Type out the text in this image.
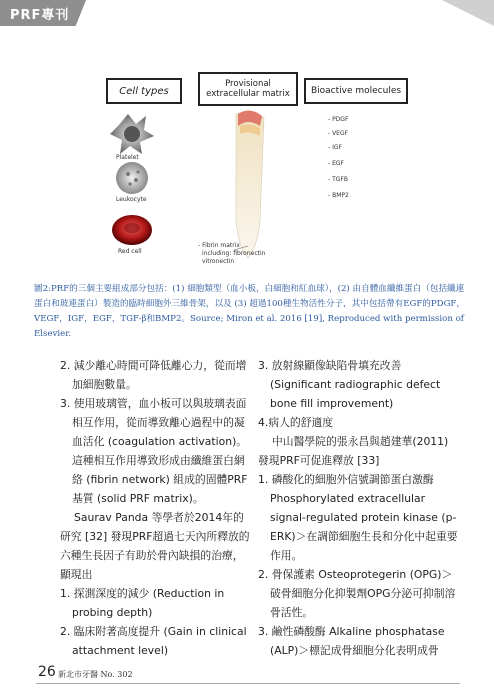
PRF專刊
Cell types
Provisional extracellular matrix	Bioactive molecules
Platelet
Leukocyte
Red cell
- PDGF
- VEGF
- IGF
- EGF
- TGFB
- BMP2
- Fibrin matrix
including: fibronectin
vitronectin
圖2:PRF的三個主要組成部分包括：(1) 細胞類型（血小板，白細胞和紅血球），(2) 由自體血纖維蛋白（包括纖連蛋白和玻連蛋白）製造的臨時細胞外三維骨架，以及 (3) 超過100種生物活性分子，其中包括帶有EGF的PDGF，VEGF，IGF，EGF，TGF-β和BMP2。Source; Miron et al. 2016 [19], Reproduced with permission of Elsevier.

2. 減少離心時間可降低離心力，從而增加細胞數量。

3. 使用玻璃管，血小板可以與玻璃表面相互作用，從而導致離心過程中的凝血活化 (coagulation activation)。這種相互作用導致形成由纖維蛋白網絡 (fibrin network) 組成的固體PRF基質 (solid PRF matrix)。

Saurav Panda 等學者於2014年的研究 [32] 發現PRF超過七天內所釋放的六種生長因子有助於骨內缺損的治療，顯現出

1. 探測深度的減少 (Reduction in probing depth)

2. 臨床附著高度提升 (Gain in clinical attachment level)

3. 放射線顯像缺陷骨填充改善 (Significant radiographic defect bone fill improvement)

4.病人的舒適度

中山醫學院的張永昌與趙建華(2011)發現PRF可促進釋放 [33]

1. 磷酸化的細胞外信號調節蛋白激酶 Phosphorylated extracellular signal-regulated protein kinase (p-ERK)＞在調節細胞生長和分化中起重要作用。

2. 骨保護素 Osteoprotegerin (OPG)＞破骨細胞分化抑製劑OPG分泌可抑制溶骨活性。

3. 鹼性磷酸酶 Alkaline phosphatase (ALP)＞標記成骨細胞分化表明成骨

26 新北市牙醫 No. 302
